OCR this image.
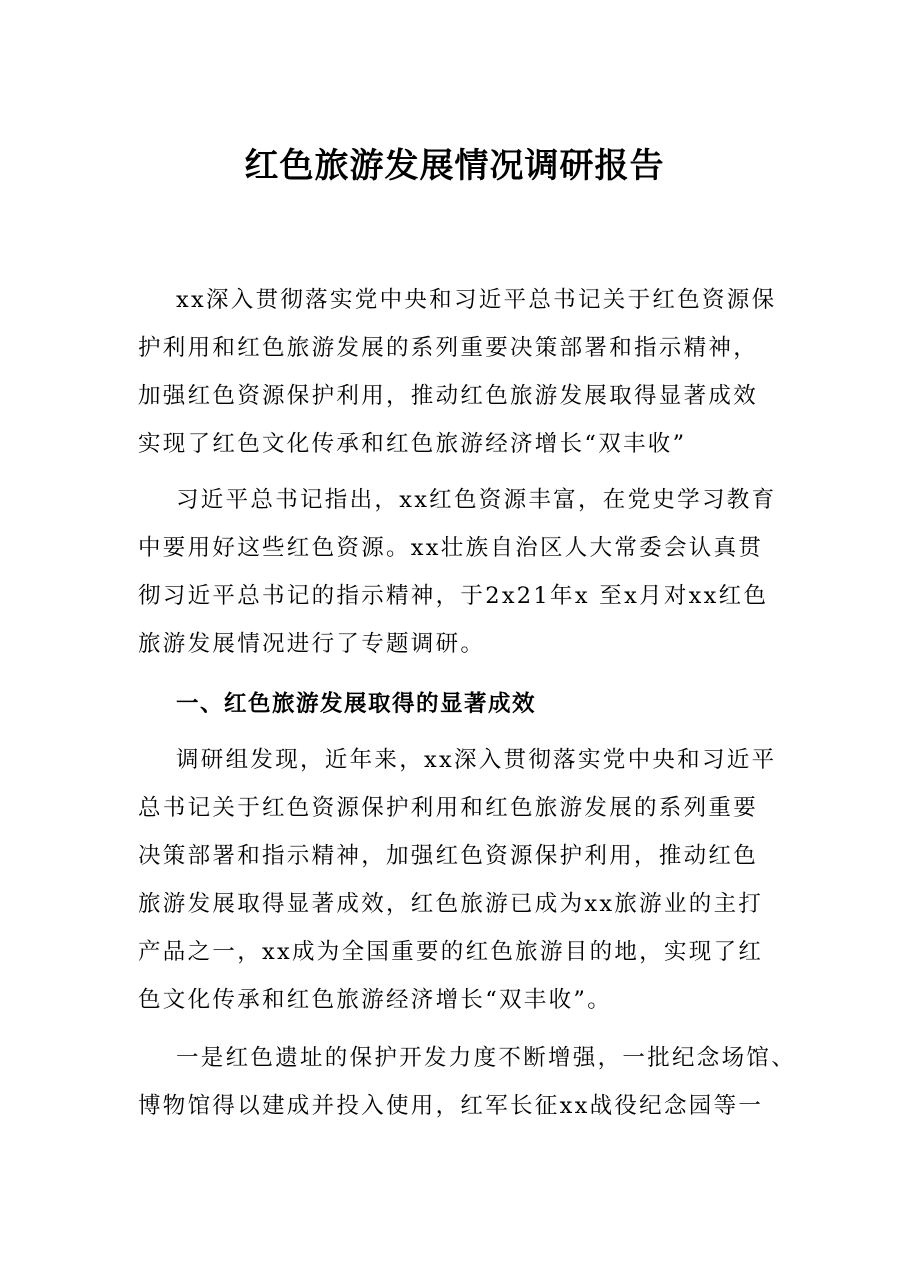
红色旅游发展情况调研报告
xx深入贯彻落实党中央和习近平总书记关于红色资源保
护利用和红色旅游发展的系列重要决策部署和指示精神，
加强红色资源保护利用，推动红色旅游发展取得显著成效
实现了红色文化传承和红色旅游经济增长“双丰收”
习近平总书记指出，xx红色资源丰富，在党史学习教育
中要用好这些红色资源。xx壮族自治区人大常委会认真贯
彻习近平总书记的指示精神，于2x21年x 至x月对xx红色
旅游发展情况进行了专题调研。
一、红色旅游发展取得的显著成效
调研组发现，近年来，xx深入贯彻落实党中央和习近平
总书记关于红色资源保护利用和红色旅游发展的系列重要
决策部署和指示精神，加强红色资源保护利用，推动红色
旅游发展取得显著成效，红色旅游已成为xx旅游业的主打
产品之一，xx成为全国重要的红色旅游目的地，实现了红
色文化传承和红色旅游经济增长“双丰收”。
一是红色遗址的保护开发力度不断增强，一批纪念场馆、
博物馆得以建成并投入使用，红军长征xx战役纪念园等一
